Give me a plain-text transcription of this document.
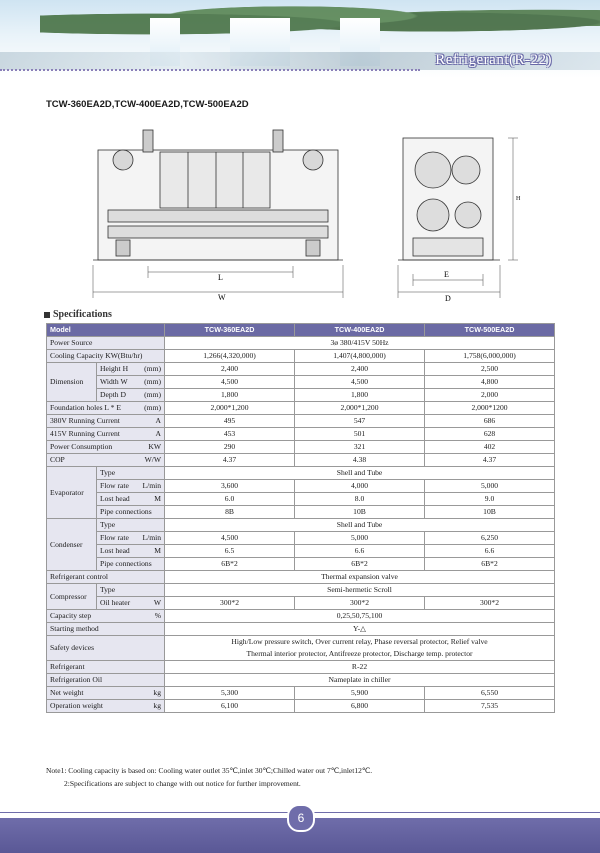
Refrigerant(R-22)
TCW-360EA2D,TCW-400EA2D,TCW-500EA2D
L
W
E
D
H
Specifications
Model		TCW-360EA2D	TCW-400EA2D	TCW-500EA2D
Power Source		3ø 380/415V 50Hz		
Cooling Capacity KW(Btu/hr)		1,266(4,320,000)	1,407(4,800,000)	1,758(6,000,000)
Dimension	Height H (mm)	2,400	2,400	2,500
	Width W (mm)	4,500	4,500	4,800
	Depth D (mm)	1,800	1,800	2,000
Foundation holes L * E (mm)		2,000*1,200	2,000*1,200	2,000*1200
380V Running Current A		495	547	686
415V Running Current A		453	501	628
Power Consumption KW		290	321	402
COP W/W		4.37	4.38	4.37
Evaporator	Type	Shell and Tube		
	Flow rate L/min	3,600	4,000	5,000
	Lost head M	6.0	8.0	9.0
	Pipe connections	8B	10B	10B
Condenser	Type	Shell and Tube		
	Flow rate L/min	4,500	5,000	6,250
	Lost head M	6.5	6.6	6.6
	Pipe connections	6B*2	6B*2	6B*2
Refrigerant control		Thermal expansion valve		
Compressor	Type	Semi-hermetic Scroll		
	Oil heater W	300*2	300*2	300*2
Capacity step %		0,25,50,75,100		
Starting method		Y-△		
Safety devices		High/Low pressure switch, Over current relay, Phase reversal protector, Relief valve
Thermal interior protector, Antifreeze protector, Discharge temp. protector		
Refrigerant		R-22		
Refrigeration Oil		Nameplate in chiller		
Net weight kg		5,300	5,900	6,550
Operation weight kg		6,100	6,800	7,535
Note1: Cooling capacity is based on: Cooling water outlet 35℃,inlet 30℃;Chilled water out 7℃,inlet12℃.
2:Specifications are subject to change with out notice for further improvement.
6
